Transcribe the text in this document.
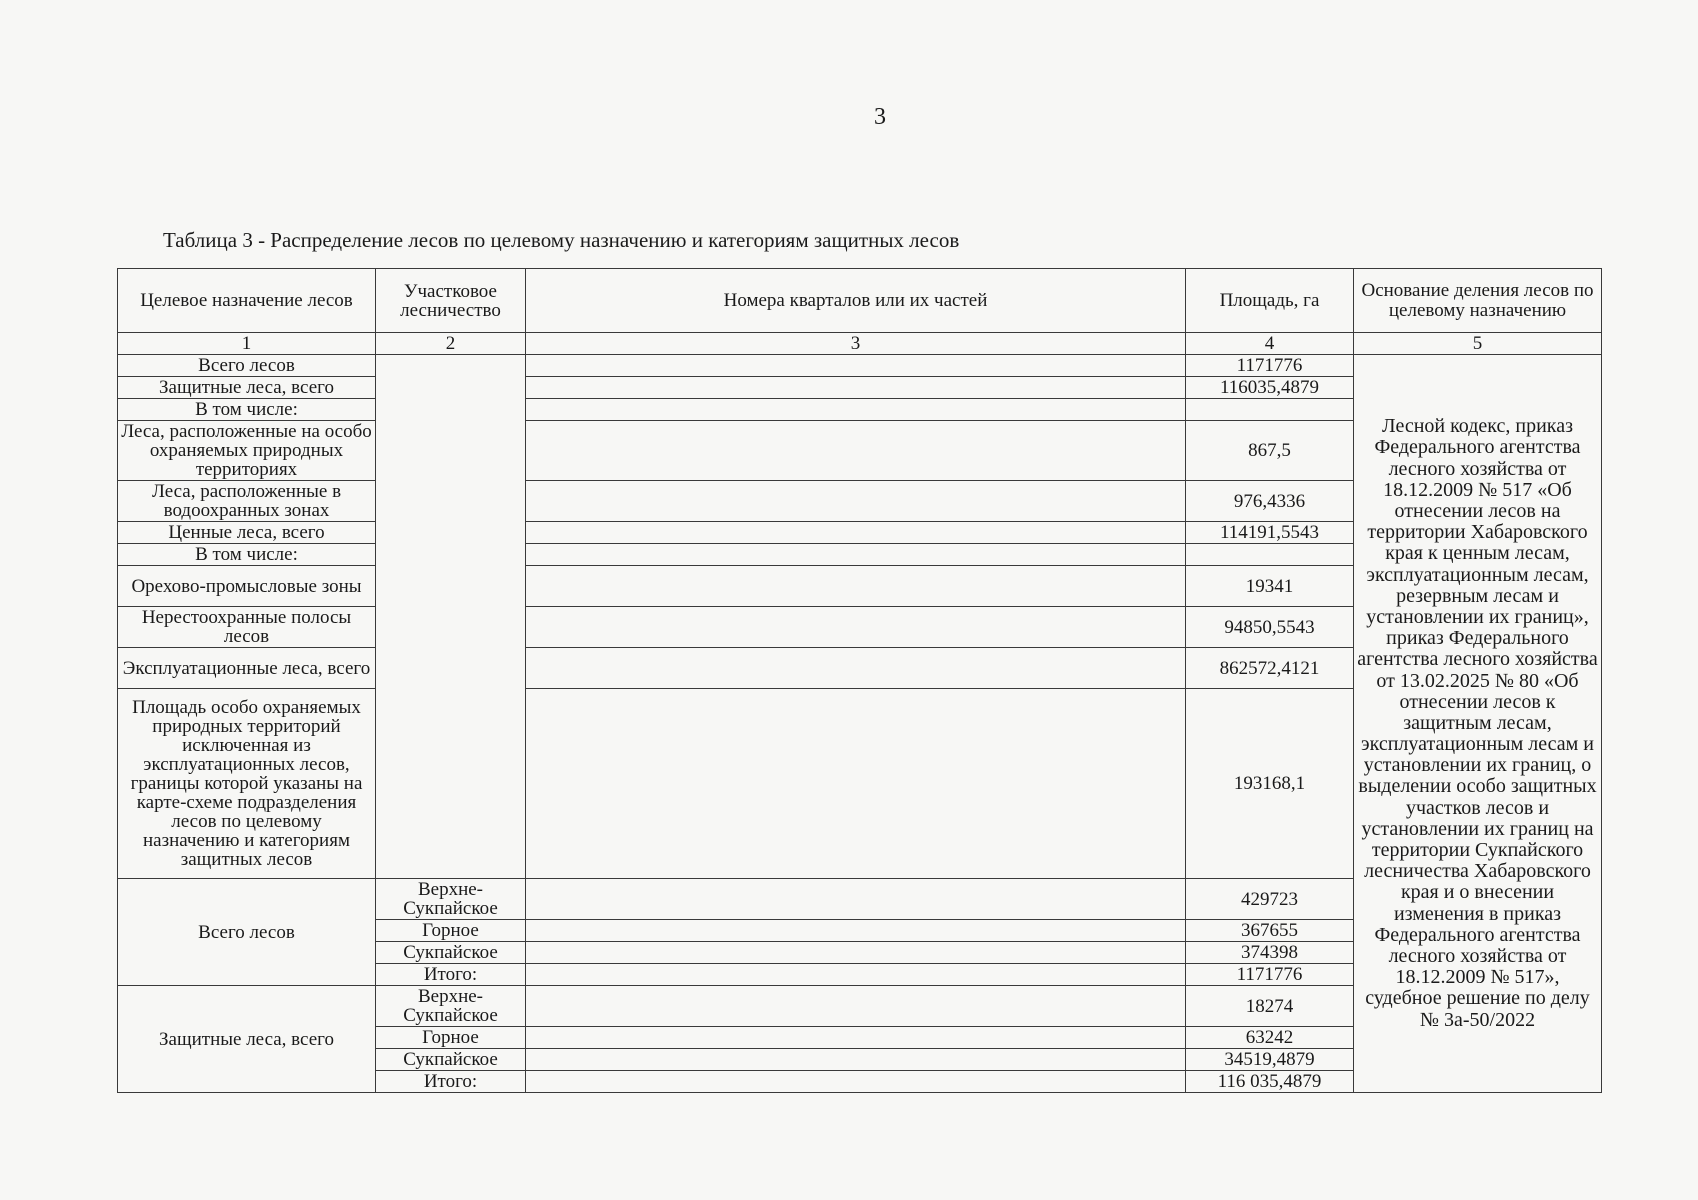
3
Таблица 3 - Распределение лесов по целевому назначению и категориям защитных лесов
Целевое назначение лесов	Участковое лесничество	Номера кварталов или их частей	Площадь, га	Основание деления лесов по целевому назначению
1	2	3	4	5
Всего лесов			1171776	Лесной кодекс, приказ Федерального агентства лесного хозяйства от 18.12.2009 № 517 «Об отнесении лесов на территории Хабаровского края к ценным лесам, эксплуатационным лесам, резервным лесам и установлении их границ», приказ Федерального агентства лесного хозяйства от 13.02.2025 № 80 «Об отнесении лесов к защитным лесам, эксплуатационным лесам и установлении их границ, о выделении особо защитных участков лесов и установлении их границ на территории Сукпайского лесничества Хабаровского края и о внесении изменения в приказ Федерального агентства лесного хозяйства от 18.12.2009 № 517», судебное решение по делу № 3а-50/2022
Защитные леса, всего			116035,4879	
В том числе:				
Леса, расположенные на особо охраняемых природных территориях			867,5	
Леса, расположенные в водоохранных зонах			976,4336	
Ценные леса, всего			114191,5543	
В том числе:				
Орехово-промысловые зоны			19341	
Нерестоохранные полосы лесов			94850,5543	
Эксплуатационные леса, всего			862572,4121	
Площадь особо охраняемых природных территорий исключенная из эксплуатационных лесов, границы которой указаны на карте-схеме подразделения лесов по целевому назначению и категориям защитных лесов			193168,1	
Всего лесов	Верхне-Сукпайское		429723	
	Горное		367655	
	Сукпайское		374398	
	Итого:		1171776	
Защитные леса, всего	Верхне-Сукпайское		18274	
	Горное		63242	
	Сукпайское		34519,4879	
	Итого:		116 035,4879	
